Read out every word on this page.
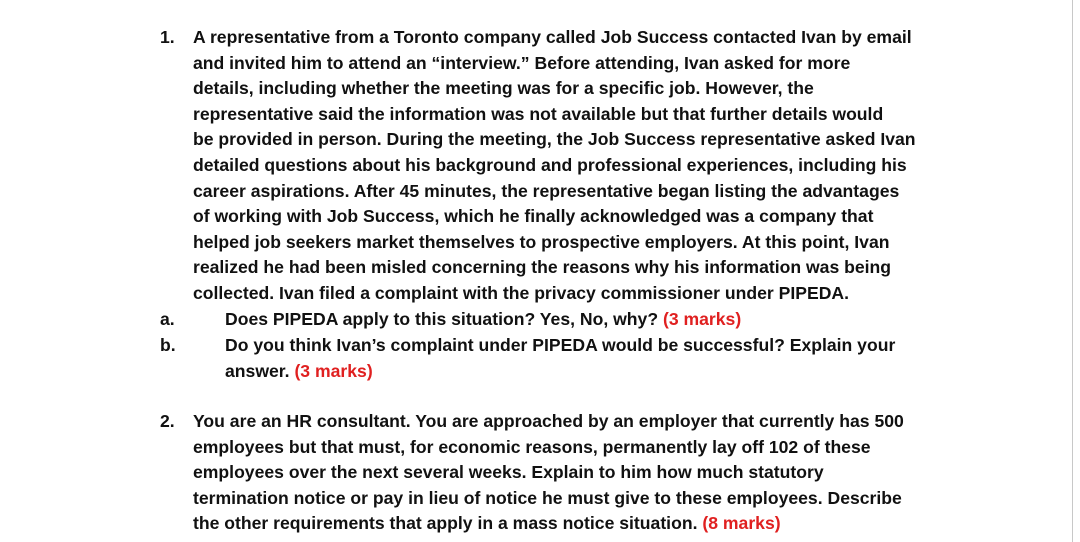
1. A representative from a Toronto company called Job Success contacted Ivan by email
and invited him to attend an “interview.” Before attending, Ivan asked for more
details, including whether the meeting was for a specific job. However, the
representative said the information was not available but that further details would
be provided in person. During the meeting, the Job Success representative asked Ivan
detailed questions about his background and professional experiences, including his
career aspirations. After 45 minutes, the representative began listing the advantages
of working with Job Success, which he finally acknowledged was a company that
helped job seekers market themselves to prospective employers. At this point, Ivan
realized he had been misled concerning the reasons why his information was being
collected. Ivan filed a complaint with the privacy commissioner under PIPEDA.
a.	Does PIPEDA apply to this situation? Yes, No, why? (3 marks)
b.	Do you think Ivan’s complaint under PIPEDA would be successful? Explain your
answer. (3 marks)
2. You are an HR consultant. You are approached by an employer that currently has 500
employees but that must, for economic reasons, permanently lay off 102 of these
employees over the next several weeks. Explain to him how much statutory
termination notice or pay in lieu of notice he must give to these employees. Describe
the other requirements that apply in a mass notice situation. (8 marks)
